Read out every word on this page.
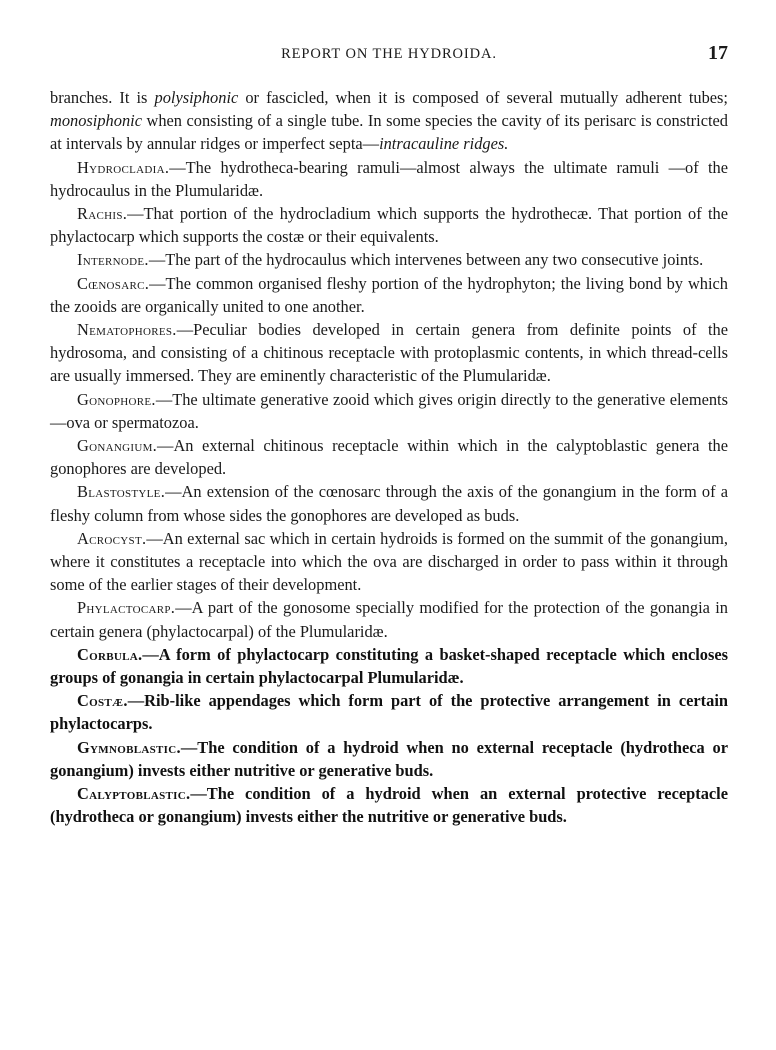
REPORT ON THE HYDROIDA.	17

branches. It is polysiphonic or fascicled, when it is composed of several mutually adherent tubes; monosiphonic when consisting of a single tube. In some species the cavity of its perisarc is constricted at intervals by annular ridges or imperfect septa—intracauline ridges.

Hydrocladia.—The hydrotheca-bearing ramuli—almost always the ultimate ramuli —of the hydrocaulus in the Plumularidæ.

Rachis.—That portion of the hydrocladium which supports the hydrothecæ. That portion of the phylactocarp which supports the costæ or their equivalents.

Internode.—The part of the hydrocaulus which intervenes between any two consecutive joints.

Cœnosarc.—The common organised fleshy portion of the hydrophyton; the living bond by which the zooids are organically united to one another.

Nematophores.—Peculiar bodies developed in certain genera from definite points of the hydrosoma, and consisting of a chitinous receptacle with protoplasmic contents, in which thread-cells are usually immersed. They are eminently characteristic of the Plumularidæ.

Gonophore.—The ultimate generative zooid which gives origin directly to the generative elements—ova or spermatozoa.

Gonangium.—An external chitinous receptacle within which in the calyptoblastic genera the gonophores are developed.

Blastostyle.—An extension of the cœnosarc through the axis of the gonangium in the form of a fleshy column from whose sides the gonophores are developed as buds.

Acrocyst.—An external sac which in certain hydroids is formed on the summit of the gonangium, where it constitutes a receptacle into which the ova are discharged in order to pass within it through some of the earlier stages of their development.

Phylactocarp.—A part of the gonosome specially modified for the protection of the gonangia in certain genera (phylactocarpal) of the Plumularidæ.

Corbula.—A form of phylactocarp constituting a basket-shaped receptacle which encloses groups of gonangia in certain phylactocarpal Plumularidæ.

Costæ.—Rib-like appendages which form part of the protective arrangement in certain phylactocarps.

Gymnoblastic.—The condition of a hydroid when no external receptacle (hydrotheca or gonangium) invests either nutritive or generative buds.

Calyptoblastic.—The condition of a hydroid when an external protective receptacle (hydrotheca or gonangium) invests either the nutritive or generative buds.
